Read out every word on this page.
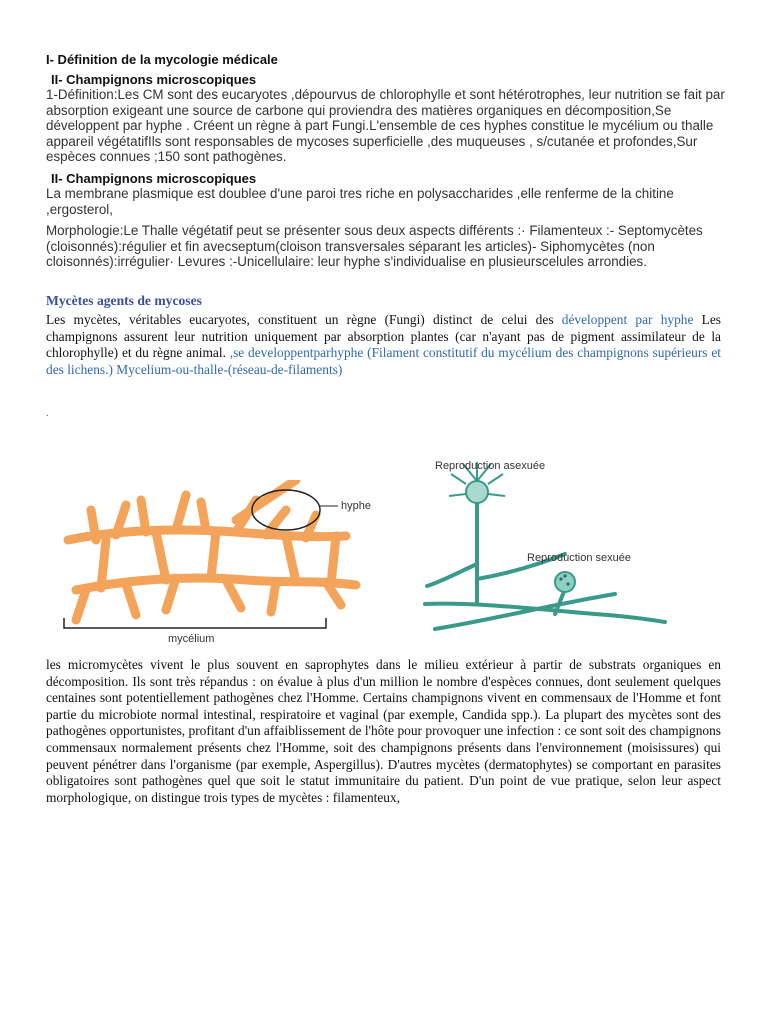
I- Définition de la mycologie médicale
II- Champignons microscopiques
1-Définition:Les CM sont des eucaryotes ,dépourvus de chlorophylle et sont hétérotrophes, leur nutrition se fait par absorption exigeant une source de carbone qui proviendra des matières organiques en décomposition,Se développent par hyphe . Créent un règne à part Fungi.L'ensemble de ces hyphes constitue le mycélium ou thalle appareil végétatifIls sont responsables de mycoses superficielle ,des muqueuses , s/cutanée et profondes,Sur espèces connues ;150 sont pathogènes.
II- Champignons microscopiques
La membrane plasmique est doublee d'une paroi tres riche en polysaccharides ,elle renferme de la chitine ,ergosterol,
Morphologie:Le Thalle végétatif peut se présenter sous deux aspects différents :· Filamenteux :- Septomycètes (cloisonnés):régulier et fin avecseptum(cloison transversales séparant les articles)- Siphomycètes (non cloisonnés):irrégulier· Levures :-Unicellulaire: leur hyphe s'individualise en plusieurscelules arrondies.
Mycètes agents de mycoses
Les mycètes, véritables eucaryotes, constituent un règne (Fungi) distinct de celui des développent par hyphe Les champignons assurent leur nutrition uniquement par absorption plantes (car n'ayant pas de pigment assimilateur de la chlorophylle) et du règne animal. ,se developpentparhyphe (Filament constitutif du mycélium des champignons supérieurs et des lichens.) Mycelium-ou-thalle-(réseau-de-filaments)
.
hyphe
mycélium
Reproduction asexuée
Reproduction sexuée
les micromycètes vivent le plus souvent en saprophytes dans le milieu extérieur à partir de substrats organiques en décomposition. Ils sont très répandus : on évalue à plus d'un million le nombre d'espèces connues, dont seulement quelques centaines sont potentiellement pathogènes chez l'Homme. Certains champignons vivent en commensaux de l'Homme et font partie du microbiote normal intestinal, respiratoire et vaginal (par exemple, Candida spp.). La plupart des mycètes sont des pathogènes opportunistes, profitant d'un affaiblissement de l'hôte pour provoquer une infection : ce sont soit des champignons commensaux normalement présents chez l'Homme, soit des champignons présents dans l'environnement (moisissures) qui peuvent pénétrer dans l'organisme (par exemple, Aspergillus). D'autres mycètes (dermatophytes) se comportant en parasites obligatoires sont pathogènes quel que soit le statut immunitaire du patient. D'un point de vue pratique, selon leur aspect morphologique, on distingue trois types de mycètes : filamenteux,
